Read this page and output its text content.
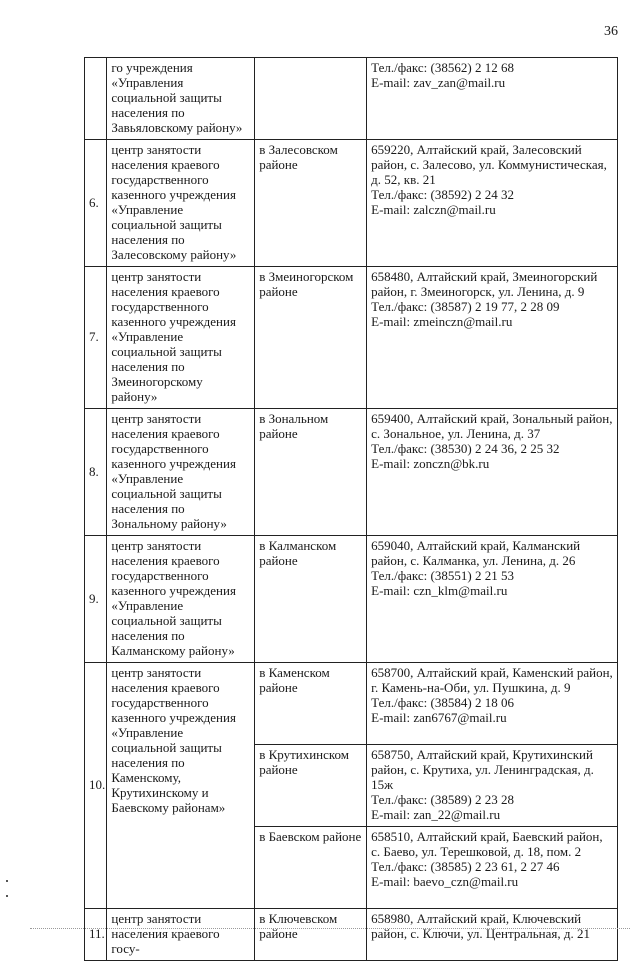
36
	го учреждения «Управления социальной защиты населения по Завьяловскому району»		Тел./факс: (38562) 2 12 68
E-mail: zav_zan@mail.ru

6.	центр занятости населения краевого государственного казенного учреждения «Управление социальной защиты населения по Залесовскому району»	в Залесовском районе	659220, Алтайский край, Залесовский район, с. Залесово, ул. Коммунистическая, д. 52, кв. 21
Тел./факс: (38592) 2 24 32
E-mail: zalczn@mail.ru

7.	центр занятости населения краевого государственного казенного учреждения «Управление социальной защиты населения по Змеиногорскому району»	в Змеиногорском районе	658480, Алтайский край, Змеиногорский район, г. Змеиногорск, ул. Ленина, д. 9
Тел./факс: (38587) 2 19 77, 2 28 09
E-mail: zmeinczn@mail.ru

8.	центр занятости населения краевого государственного казенного учреждения «Управление социальной защиты населения по Зональному району»	в Зональном районе	659400, Алтайский край, Зональный район, с. Зональное, ул. Ленина, д. 37
Тел./факс: (38530) 2 24 36, 2 25 32
E-mail: zonczn@bk.ru

9.	центр занятости населения краевого государственного казенного учреждения «Управление социальной защиты населения по Калманскому району»	в Калманском районе	659040, Алтайский край, Калманский район, с. Калманка, ул. Ленина, д. 26
Тел./факс: (38551) 2 21 53
E-mail: czn_klm@mail.ru

10.	центр занятости населения краевого государственного казенного учреждения «Управление социальной защиты населения по Каменскому, Крутихинскому и Баевскому районам»	в Каменском районе	658700, Алтайский край, Каменский район, г. Камень-на-Оби, ул. Пушкина, д. 9
Тел./факс: (38584) 2 18 06
E-mail: zan6767@mail.ru

		в Крутихинском районе	658750, Алтайский край, Крутихинский район, с. Крутиха, ул. Ленинградская, д. 15ж
Тел./факс: (38589) 2 23 28
E-mail: zan_22@mail.ru

		в Баевском районе	658510, Алтайский край, Баевский район, с. Баево, ул. Терешковой, д. 18, пом. 2
Тел./факс: (38585) 2 23 61, 2 27 46
E-mail: baevo_czn@mail.ru

11.	центр занятости населения краевого госу-	в Ключевском районе	658980, Алтайский край, Ключевский район, с. Ключи, ул. Центральная, д. 21
